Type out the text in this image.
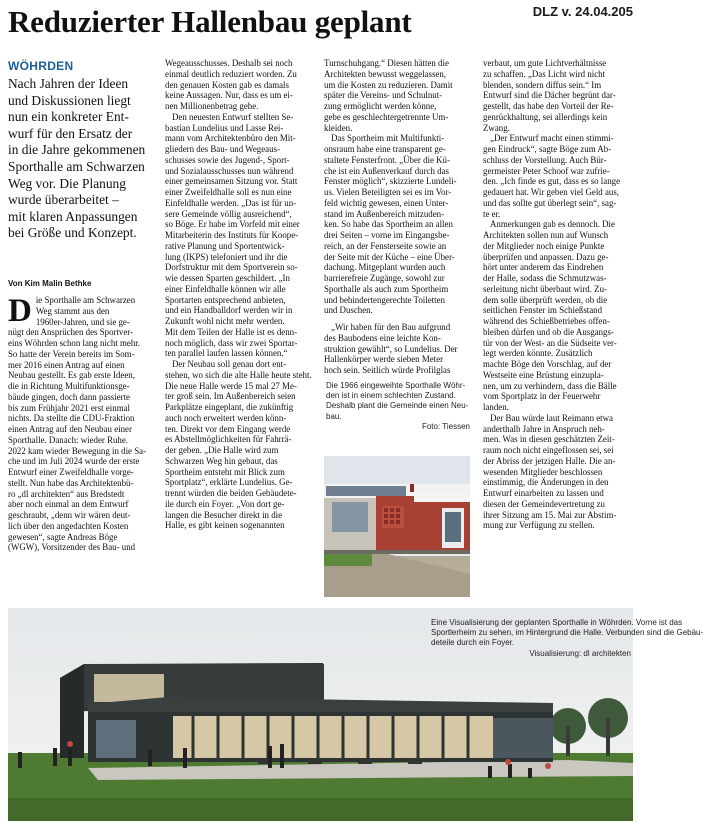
Reduzierter Hallenbau geplant	DLZ v. 24.04.205
WÖHRDEN

Nach Jahren der Ideen
und Diskussionen liegt
nun ein konkreter Ent-
wurf für den Ersatz der
in die Jahre gekommenen
Sporthalle am Schwarzen
Weg vor. Die Planung
wurde überarbeitet –
mit klaren Anpassungen
bei Größe und Konzept.

Von Kim Malin Bethke
D ie Sporthalle am Schwarzen
Weg stammt aus den
1960er-Jahren, und sie ge-
nügt den Ansprüchen des Sportver-
eins Wöhrden schon lang nicht mehr.
So hatte der Verein bereits im Som-
mer 2016 einen Antrag auf einen
Neubau gestellt. Es gab erste Ideen,
die in Richtung Multifunktionsge-
bäude gingen, doch dann passierte
bis zum Frühjahr 2021 erst einmal
nichts. Da stellte die CDU-Fraktion
einen Antrag auf den Neubau einer
Sporthalle. Danach: wieder Ruhe.
2022 kam wieder Bewegung in die Sa-
che und im Juli 2024 wurde der erste
Entwurf einer Zweifeldhalle vorge-
stellt. Nun habe das Architektenbü-
ro „dl architekten“ aus Bredstedt
aber noch einmal an dem Entwurf
geschraubt, „denn wir wären deut-
lich über den angedachten Kosten
gewesen“, sagte Andreas Böge
(WGW), Vorsitzender des Bau- und
Wegeausschusses. Deshalb sei noch
einmal deutlich reduziert worden. Zu
den genauen Kosten gab es damals
keine Aussagen. Nur, dass es um ei-
nen Millionenbetrag gehe.
Den neuesten Entwurf stellten Se-
bastian Lundelius und Lasse Rei-
mann vom Architektenbüro den Mit-
gliedern des Bau- und Wegeaus-
schusses sowie des Jugend-, Sport-
und Sozialausschusses nun während
einer gemeinsamen Sitzung vor. Statt
einer Zweifeldhalle soll es nun eine
Einfeldhalle werden. „Das ist für un-
sere Gemeinde völlig ausreichend“,
so Böge. Er habe im Vorfeld mit einer
Mitarbeiterin des Instituts für Koope-
rative Planung und Sportentwick-
lung (IKPS) telefoniert und ihr die
Dorfstruktur mit dem Sportverein so-
wie dessen Sparten geschildert. „In
einer Einfeldhalle können wir alle
Sportarten entsprechend anbieten,
und ein Handballdorf werden wir in
Zukunft wohl nicht mehr werden.
Mit dem Teilen der Halle ist es denn-
noch möglich, dass wir zwei Sportar-
ten parallel laufen lassen können.“
Der Neubau soll genau dort ent-
stehen, wo sich die alte Halle heute steht.
Die neue Halle werde 15 mal 27 Me-
ter groß sein. Im Außenbereich seien
Parkplätze eingeplant, die zukünftig
auch noch erweitert werden könn-
ten. Direkt vor dem Eingang werde
es Abstellmöglichkeiten für Fahrrä-
der geben. „Die Halle wird zum
Schwarzen Weg hin gebaut, das
Sportheim entsteht mit Blick zum
Sportplatz“, erklärte Lundelius. Ge-
trennt würden die beiden Gebäudete-
ile durch ein Foyer. „Von dort ge-
langen die Besucher direkt in die
Halle, es gibt keinen sogenannten
Turnschuhgang.“ Diesen hätten die
Architekten bewusst weggelassen,
um die Kosten zu reduzieren. Damit
später die Vereins- und Schulnut-
zung ermöglicht werden könne,
gebe es geschlechtergetrennte Um-
kleiden.
Das Sportheim mit Multifunkti-
onsraum habe eine transparent ge-
staltete Fensterfront. „Über die Kü-
che ist ein Außenverkauf durch das
Fenster möglich“, skizzierte Lundeli-
us. Vielen Beteiligten sei es im Vor-
feld wichtig gewesen, einen Unter-
stand im Außenbereich mitzuden-
ken. So habe das Sportheim an allen
drei Seiten – vorne im Eingangsbe-
reich, an der Fensterseite sowie an
der Seite mit der Küche – eine Über-
dachung. Mitgeplant wurden auch
barrierefreie Zugänge, sowohl zur
Sporthalle als auch zum Sportheim
und behindertengerechte Toiletten
und Duschen.
„Wir haben für den Bau aufgrund
des Baubodens eine leichte Kon-
struktion gewählt“, so Lundelius. Der
Hallenkörper werde sieben Meter
hoch sein. Seitlich würde Profilglas
verbaut, um gute Lichtverhältnisse
zu schaffen. „Das Licht wird nicht
blenden, sondern diffus sein.“ Im
Entwurf sind die Dächer begrünt dar-
gestellt, das habe den Vorteil der Re-
genrückhaltung, sei allerdings kein
Zwang.
„Der Entwurf macht einen stimmi-
gen Eindruck“, sagte Böge zum Ab-
schluss der Vorstellung. Auch Bür-
germeister Peter Schoof war zufrie-
den. „Ich finde es gut, dass es so lange
gedauert hat. Wir geben viel Geld aus,
und das sollte gut überlegt sein“, sag-
te er.
Anmerkungen gab es dennoch. Die
Architekten sollen nun auf Wunsch
der Mitglieder noch einige Punkte
überprüfen und anpassen. Dazu ge-
hört unter anderem das Eindrehen
der Halle, sodass die Schmutzwas-
serleitung nicht überbaut wird. Zu-
dem solle überprüft werden, ob die
seitlichen Fenster im Schießstand
während des Schießbetriebes offen-
bleiben dürfen und ob die Ausgangs-
tür von der West- an die Südseite ver-
legt werden könnte. Zusätzlich
machte Böge den Vorschlag, auf der
Westseite eine Brüstung einzupla-
nen, um zu verhindern, dass die Bälle
vom Sportplatz in der Feuerwehr
landen.
Der Bau würde laut Reimann etwa
anderthalb Jahre in Anspruch neh-
men. Was in diesen geschätzten Zeit-
raum noch nicht eingeflossen sei, sei
der Abriss der jetzigen Halle. Die an-
wesenden Mitglieder beschlossen
einstimmig, die Änderungen in den
Entwurf einarbeiten zu lassen und
diesen der Gemeindevertretung zu
ihrer Sitzung am 15. Mai zur Abstim-
mung zur Verfügung zu stellen.
Die 1966 eingeweihte Sporthalle Wöhr-
den ist in einem schlechten Zustand.
Deshalb plant die Gemeinde einen Neu-
bau.
Foto: Tiessen
Eine Visualisierung der geplanten Sporthalle in Wöhrden. Vorne ist das
Sportlerheim zu sehen, im Hintergrund die Halle. Verbunden sind die Gebäu-
deteile durch ein Foyer.
Visualisierung: dl architekten
